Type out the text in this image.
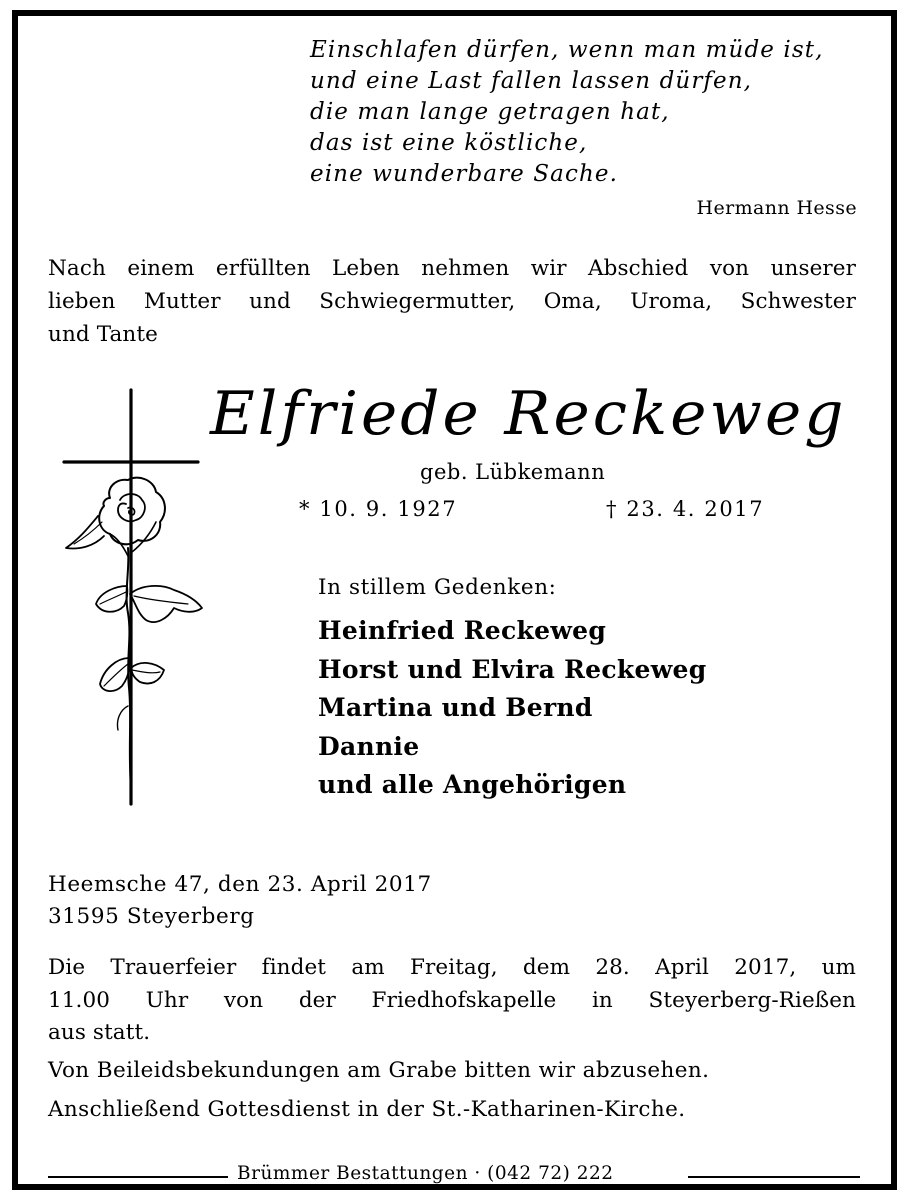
Einschlafen dürfen, wenn man müde ist,
und eine Last fallen lassen dürfen,
die man lange getragen hat,
das ist eine köstliche,
eine wunderbare Sache.
Hermann Hesse
Nach einem erfüllten Leben nehmen wir Abschied von unserer
lieben Mutter und Schwiegermutter, Oma, Uroma, Schwester
und Tante
Elfriede Reckeweg
geb. Lübkemann
* 10. 9. 1927	† 23. 4. 2017
In stillem Gedenken:
Heinfried Reckeweg
Horst und Elvira Reckeweg
Martina und Bernd
Dannie
und alle Angehörigen
Heemsche 47, den 23. April 2017
31595 Steyerberg
Die Trauerfeier findet am Freitag, dem 28. April 2017, um
11.00 Uhr von der Friedhofskapelle in Steyerberg-Rießen
aus statt.
Von Beileidsbekundungen am Grabe bitten wir abzusehen.
Anschließend Gottesdienst in der St.-Katharinen-Kirche.
Brümmer Bestattungen · (042 72) 222
